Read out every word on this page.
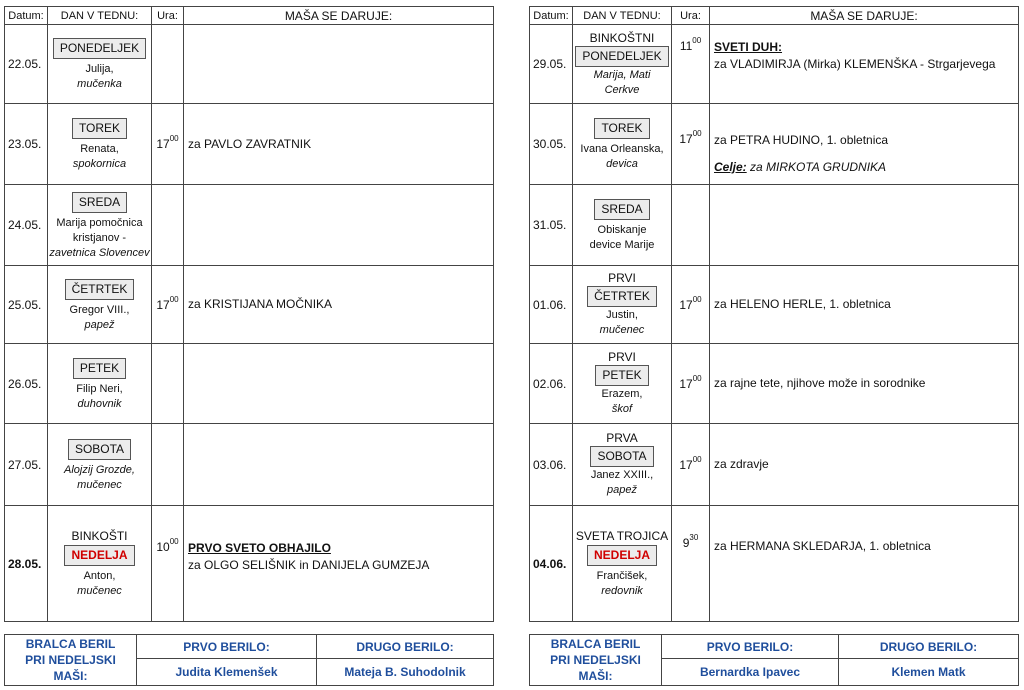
Datum:	DAN V TEDNU:	Ura:	MAŠA SE DARUJE:
22.05.	PONEDELJEK
Julija,
mučenka		

23.05.	TOREK
Renata,
spokornica	$17^{00}$	za PAVLO ZAVRATNIK
24.05.	SREDA
Marija pomočnica kristjanov -
zavetnica Slovencev		

25.05.	ČETRTEK
Gregor VIII.,
papež	$17^{00}$	za KRISTIJANA MOČNIKA
26.05.	PETEK
Filip Neri,
duhovnik		

27.05.	SOBOTA
Alojzij Grozde, mučenec		

28.05.	BINKOŠTI
NEDELJA
Anton,
mučenec	$10^{00}$	PRVO SVETO OBHAJILO
za OLGO SELIŠNIK in DANIJELA GUMZEJA
Datum:	DAN V TEDNU:	Ura:	MAŠA SE DARUJE:
29.05.	BINKOŠTNI
PONEDELJEK
Marija, Mati Cerkve	$11^{00}$	SVETI DUH:
za VLADIMIRJA (Mirka) KLEMENŠKA - Strgarjevega
30.05.	TOREK
Ivana Orleanska,
devica	$17^{00}$	za PETRA HUDINO, 1. obletnica
Celje: za MIRKOTA GRUDNIKA
31.05.	SREDA
Obiskanje device Marije		

01.06.	PRVI
ČETRTEK
Justin,
mučenec	$17^{00}$	za HELENO HERLE, 1. obletnica
02.06.	PRVI
PETEK
Erazem,
škof	$17^{00}$	za rajne tete, njihove može in sorodnike
03.06.	PRVA
SOBOTA
Janez XXIII.,
papež	$17^{00}$	za zdravje
04.06.	SVETA TROJICA
NEDELJA
Frančišek,
redovnik	$9^{30}$	za HERMANA SKLEDARJA, 1. obletnica
BRALCA BERIL PRI NEDELJSKI MAŠI:	PRVO BERILO:	DRUGO BERILO:
	Judita Klemenšek	Mateja B. Suhodolnik
BRALCA BERIL PRI NEDELJSKI MAŠI:	PRVO BERILO:	DRUGO BERILO:
	Bernardka Ipavec	Klemen Matk
